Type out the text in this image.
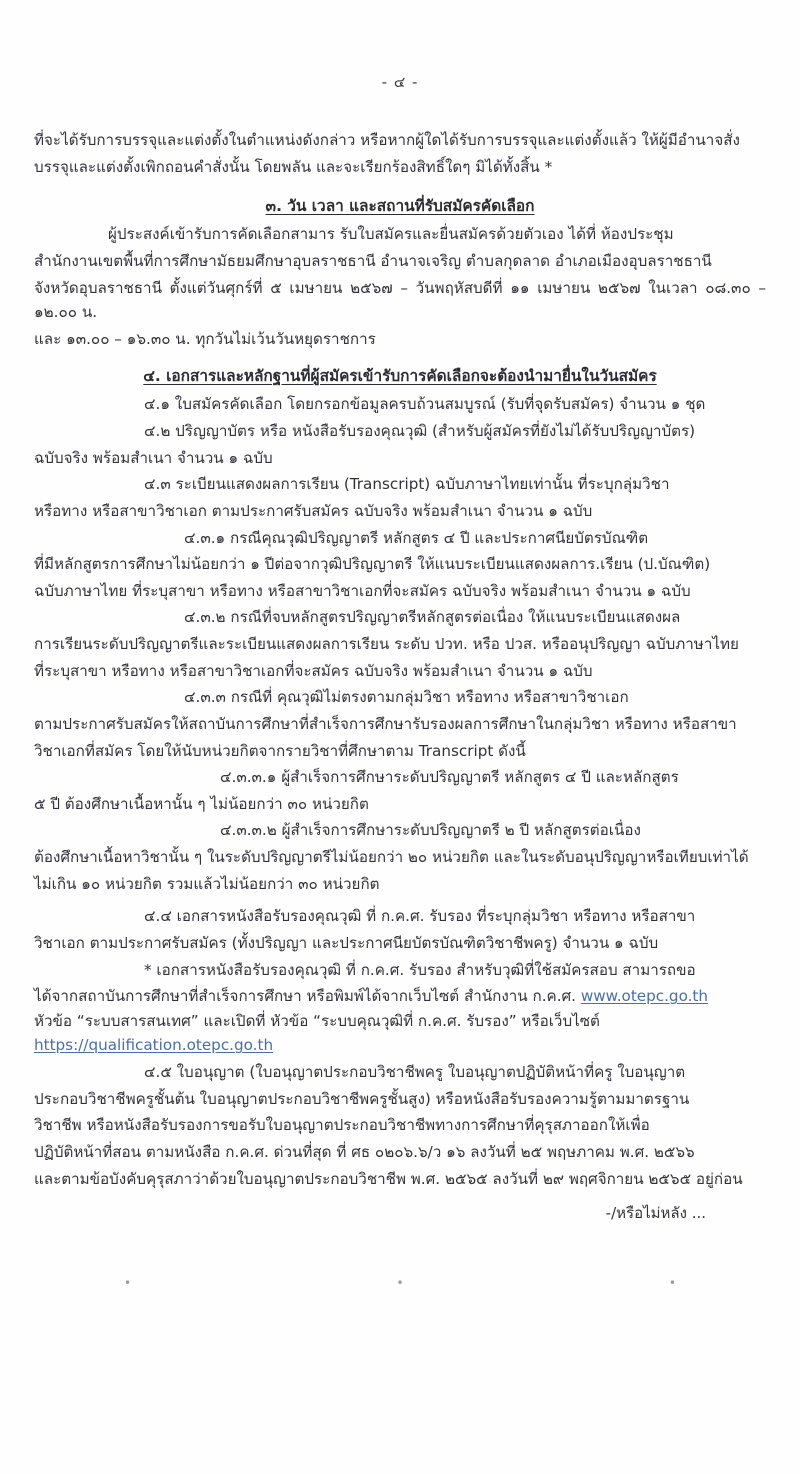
- ๔ -

ที่จะได้รับการบรรจุและแต่งตั้งในตำแหน่งดังกล่าว หรือหากผู้ใดได้รับการบรรจุและแต่งตั้งแล้ว ให้ผู้มีอำนาจสั่ง

บรรจุและแต่งตั้งเพิกถอนคำสั่งนั้น โดยพลัน และจะเรียกร้องสิทธิ์ใดๆ มิได้ทั้งสิ้น *

๓. วัน เวลา และสถานที่รับสมัครคัดเลือก

ผู้ประสงค์เข้ารับการคัดเลือกสามาร รับใบสมัครและยื่นสมัครด้วยตัวเอง ได้ที่ ห้องประชุม

สำนักงานเขตพื้นที่การศึกษามัธยมศึกษาอุบลราชธานี อำนาจเจริญ ตำบลกุดลาด อำเภอเมืองอุบลราชธานี

จังหวัดอุบลราชธานี ตั้งแต่วันศุกร์ที่ ๕ เมษายน ๒๕๖๗ – วันพฤหัสบดีที่ ๑๑ เมษายน ๒๕๖๗ ในเวลา ๐๘.๓๐ – ๑๒.๐๐ น.

และ ๑๓.๐๐ – ๑๖.๓๐ น. ทุกวันไม่เว้นวันหยุดราชการ

๔. เอกสารและหลักฐานที่ผู้สมัครเข้ารับการคัดเลือกจะต้องนำมายื่นในวันสมัคร

๔.๑ ใบสมัครคัดเลือก โดยกรอกข้อมูลครบถ้วนสมบูรณ์ (รับที่จุดรับสมัคร) จำนวน ๑ ชุด

๔.๒ ปริญญาบัตร หรือ หนังสือรับรองคุณวุฒิ (สำหรับผู้สมัครที่ยังไม่ได้รับปริญญาบัตร)

ฉบับจริง พร้อมสำเนา จำนวน ๑ ฉบับ

๔.๓ ระเบียนแสดงผลการเรียน (Transcript) ฉบับภาษาไทยเท่านั้น ที่ระบุกลุ่มวิชา

หรือทาง หรือสาขาวิชาเอก ตามประกาศรับสมัคร ฉบับจริง พร้อมสำเนา จำนวน ๑ ฉบับ

๔.๓.๑ กรณีคุณวุฒิปริญญาตรี หลักสูตร ๔ ปี และประกาศนียบัตรบัณฑิต

ที่มีหลักสูตรการศึกษาไม่น้อยกว่า ๑ ปีต่อจากวุฒิปริญญาตรี ให้แนบระเบียนแสดงผลการ.เรียน (ป.บัณฑิต)

ฉบับภาษาไทย ที่ระบุสาขา หรือทาง หรือสาขาวิชาเอกที่จะสมัคร ฉบับจริง พร้อมสำเนา จำนวน ๑ ฉบับ

๔.๓.๒ กรณีที่จบหลักสูตรปริญญาตรีหลักสูตรต่อเนื่อง ให้แนบระเบียนแสดงผล

การเรียนระดับปริญญาตรีและระเบียนแสดงผลการเรียน ระดับ ปวท. หรือ ปวส. หรืออนุปริญญา ฉบับภาษาไทย

ที่ระบุสาขา หรือทาง หรือสาขาวิชาเอกที่จะสมัคร ฉบับจริง พร้อมสำเนา จำนวน ๑ ฉบับ

๔.๓.๓ กรณีที่ คุณวุฒิไม่ตรงตามกลุ่มวิชา หรือทาง หรือสาขาวิชาเอก

ตามประกาศรับสมัครให้สถาบันการศึกษาที่สำเร็จการศึกษารับรองผลการศึกษาในกลุ่มวิชา หรือทาง หรือสาขา

วิชาเอกที่สมัคร โดยให้นับหน่วยกิตจากรายวิชาที่ศึกษาตาม Transcript ดังนี้

๔.๓.๓.๑ ผู้สำเร็จการศึกษาระดับปริญญาตรี หลักสูตร ๔ ปี และหลักสูตร

๕ ปี ต้องศึกษาเนื้อหานั้น ๆ ไม่น้อยกว่า ๓๐ หน่วยกิต

๔.๓.๓.๒ ผู้สำเร็จการศึกษาระดับปริญญาตรี ๒ ปี หลักสูตรต่อเนื่อง

ต้องศึกษาเนื้อหาวิชานั้น ๆ ในระดับปริญญาตรีไม่น้อยกว่า ๒๐ หน่วยกิต และในระดับอนุปริญญาหรือเทียบเท่าได้

ไม่เกิน ๑๐ หน่วยกิต รวมแล้วไม่น้อยกว่า ๓๐ หน่วยกิต

๔.๔ เอกสารหนังสือรับรองคุณวุฒิ ที่ ก.ค.ศ. รับรอง ที่ระบุกลุ่มวิชา หรือทาง หรือสาขา

วิชาเอก ตามประกาศรับสมัคร (ทั้งปริญญา และประกาศนียบัตรบัณฑิตวิชาชีพครู) จำนวน ๑ ฉบับ

* เอกสารหนังสือรับรองคุณวุฒิ ที่ ก.ค.ศ. รับรอง สำหรับวุฒิที่ใช้สมัครสอบ สามารถขอ

ได้จากสถาบันการศึกษาที่สำเร็จการศึกษา หรือพิมพ์ได้จากเว็บไซต์ สำนักงาน ก.ค.ศ. www.otepc.go.th

หัวข้อ “ระบบสารสนเทศ” และเปิดที่ หัวข้อ “ระบบคุณวุฒิที่ ก.ค.ศ. รับรอง” หรือเว็บไซต์

https://qualification.otepc.go.th

๔.๕ ใบอนุญาต (ใบอนุญาตประกอบวิชาชีพครู ใบอนุญาตปฏิบัติหน้าที่ครู ใบอนุญาต

ประกอบวิชาชีพครูชั้นต้น ใบอนุญาตประกอบวิชาชีพครูชั้นสูง) หรือหนังสือรับรองความรู้ตามมาตรฐาน

วิชาชีพ หรือหนังสือรับรองการขอรับใบอนุญาตประกอบวิชาชีพทางการศึกษาที่คุรุสภาออกให้เพื่อ

ปฏิบัติหน้าที่สอน ตามหนังสือ ก.ค.ศ. ด่วนที่สุด ที่ ศธ ๐๒๐๖.๖/ว ๑๖ ลงวันที่ ๒๕ พฤษภาคม พ.ศ. ๒๕๖๖

และตามข้อบังคับคุรุสภาว่าด้วยใบอนุญาตประกอบวิชาชีพ พ.ศ. ๒๕๖๕ ลงวันที่ ๒๙ พฤศจิกายน ๒๕๖๕ อยู่ก่อน

-/หรือไม่หลัง ...
•	•	•
